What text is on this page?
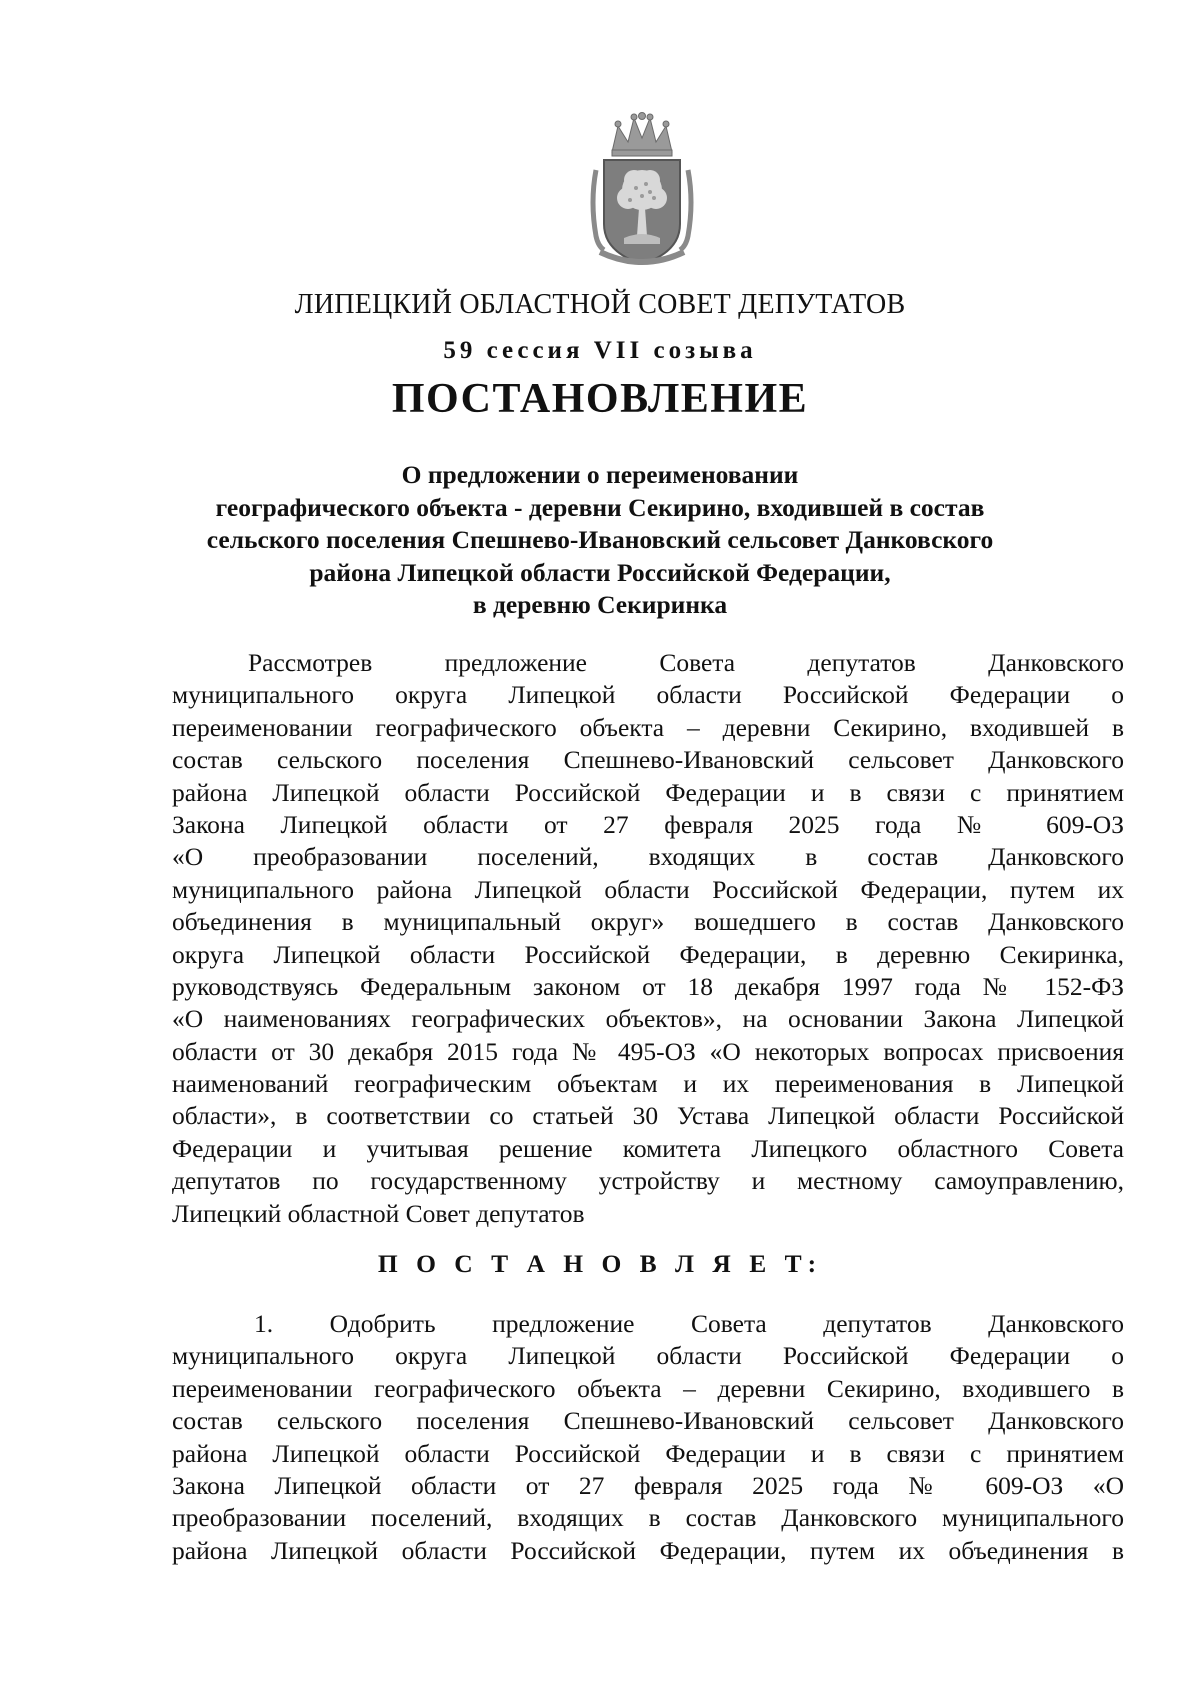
ЛИПЕЦКИЙ ОБЛАСТНОЙ СОВЕТ ДЕПУТАТОВ
59 сессия VII созыва
ПОСТАНОВЛЕНИЕ
О предложении о переименовании
географического объекта - деревни Секирино, входившей в состав
сельского поселения Спешнево-Ивановский сельсовет Данковского
района Липецкой области Российской Федерации,
в деревню Секиринка
Рассмотрев предложение Совета депутатов Данковского
муниципального округа Липецкой области Российской Федерации о
переименовании географического объекта – деревни Секирино, входившей в
состав сельского поселения Спешнево-Ивановский сельсовет Данковского
района Липецкой области Российской Федерации и в связи с принятием
Закона Липецкой области от 27 февраля 2025 года № 609-ОЗ
«О преобразовании поселений, входящих в состав Данковского
муниципального района Липецкой области Российской Федерации, путем их
объединения в муниципальный округ» вошедшего в состав Данковского
округа Липецкой области Российской Федерации, в деревню Секиринка,
руководствуясь Федеральным законом от 18 декабря 1997 года № 152-ФЗ
«О наименованиях географических объектов», на основании Закона Липецкой
области от 30 декабря 2015 года № 495-ОЗ «О некоторых вопросах присвоения
наименований географическим объектам и их переименования в Липецкой
области», в соответствии со статьей 30 Устава Липецкой области Российской
Федерации и учитывая решение комитета Липецкого областного Совета
депутатов по государственному устройству и местному самоуправлению,
Липецкий областной Совет депутатов
П О С Т А Н О В Л Я Е Т:
1. Одобрить предложение Совета депутатов Данковского
муниципального округа Липецкой области Российской Федерации о
переименовании географического объекта – деревни Секирино, входившего в
состав сельского поселения Спешнево-Ивановский сельсовет Данковского
района Липецкой области Российской Федерации и в связи с принятием
Закона Липецкой области от 27 февраля 2025 года № 609-ОЗ «О
преобразовании поселений, входящих в состав Данковского муниципального
района Липецкой области Российской Федерации, путем их объединения в
